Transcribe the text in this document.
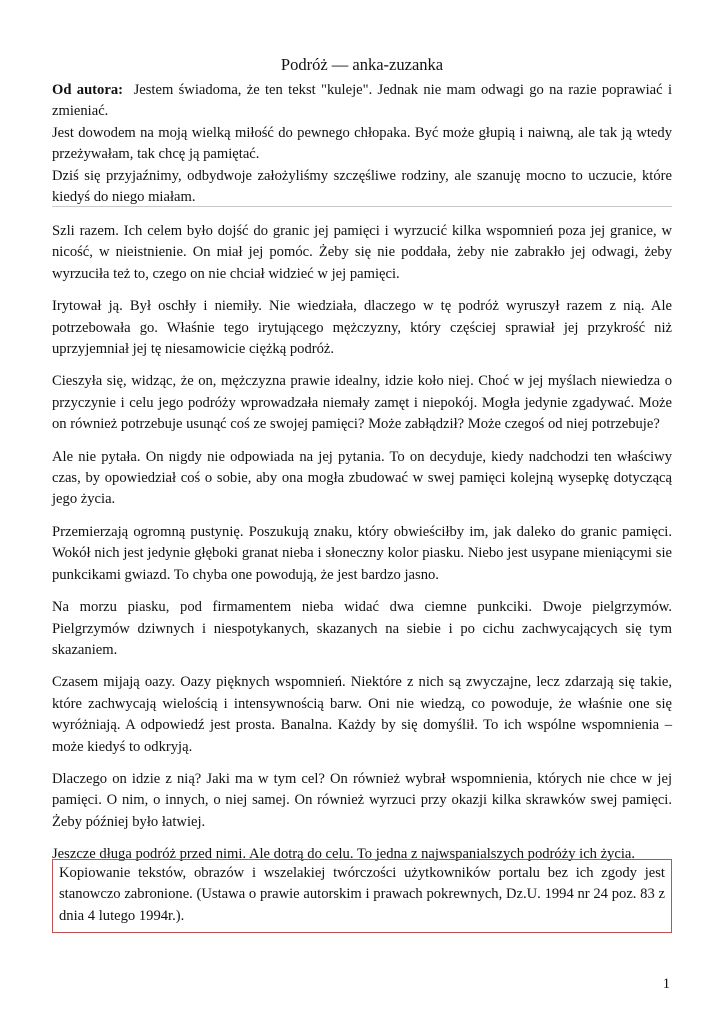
Podróż — anka-zuzanka

Od autora: Jestem świadoma, że ten tekst "kuleje". Jednak nie mam odwagi go na razie poprawiać i zmieniać.

Jest dowodem na moją wielką miłość do pewnego chłopaka. Być może głupią i naiwną, ale tak ją wtedy przeżywałam, tak chcę ją pamiętać.

Dziś się przyjaźnimy, odbydwoje założyliśmy szczęśliwe rodziny, ale szanuję mocno to uczucie, które kiedyś do niego miałam.

Szli razem. Ich celem było dojść do granic jej pamięci i wyrzucić kilka wspomnień poza jej granice, w nicość, w nieistnienie. On miał jej pomóc. Żeby się nie poddała, żeby nie zabrakło jej odwagi, żeby wyrzuciła też to, czego on nie chciał widzieć w jej pamięci.

Irytował ją. Był oschły i niemiły. Nie wiedziała, dlaczego w tę podróż wyruszył razem z nią. Ale potrzebowała go. Właśnie tego irytującego mężczyzny, który częściej sprawiał jej przykrość niż uprzyjemniał jej tę niesamowicie ciężką podróż.

Cieszyła się, widząc, że on, mężczyzna prawie idealny, idzie koło niej. Choć w jej myślach niewiedza o przyczynie i celu jego podróży wprowadzała niemały zamęt i niepokój. Mogła jedynie zgadywać. Może on również potrzebuje usunąć coś ze swojej pamięci? Może zabłądził? Może czegoś od niej potrzebuje?

Ale nie pytała. On nigdy nie odpowiada na jej pytania. To on decyduje, kiedy nadchodzi ten właściwy czas, by opowiedział coś o sobie, aby ona mogła zbudować w swej pamięci kolejną wysepkę dotyczącą jego życia.

Przemierzają ogromną pustynię. Poszukują znaku, który obwieściłby im, jak daleko do granic pamięci. Wokół nich jest jedynie głęboki granat nieba i słoneczny kolor piasku. Niebo jest usypane mieniącymi sie punkcikami gwiazd. To chyba one powodują, że jest bardzo jasno.

Na morzu piasku, pod firmamentem nieba widać dwa ciemne punkciki. Dwoje pielgrzymów. Pielgrzymów dziwnych i niespotykanych, skazanych na siebie i po cichu zachwycających się tym skazaniem.

Czasem mijają oazy. Oazy pięknych wspomnień. Niektóre z nich są zwyczajne, lecz zdarzają się takie, które zachwycają wielością i intensywnością barw. Oni nie wiedzą, co powoduje, że właśnie one się wyróżniają. A odpowiedź jest prosta. Banalna. Każdy by się domyślił. To ich wspólne wspomnienia – może kiedyś to odkryją.

Dlaczego on idzie z nią? Jaki ma w tym cel? On również wybrał wspomnienia, których nie chce w jej pamięci. O nim, o innych, o niej samej. On również wyrzuci przy okazji kilka skrawków swej pamięci. Żeby później było łatwiej.

Jeszcze długa podróż przed nimi. Ale dotrą do celu. To jedna z najwspanialszych podróży ich życia.

Kopiowanie tekstów, obrazów i wszelakiej twórczości użytkowników portalu bez ich zgody jest stanowczo zabronione. (Ustawa o prawie autorskim i prawach pokrewnych, Dz.U. 1994 nr 24 poz. 83 z dnia 4 lutego 1994r.).
1
